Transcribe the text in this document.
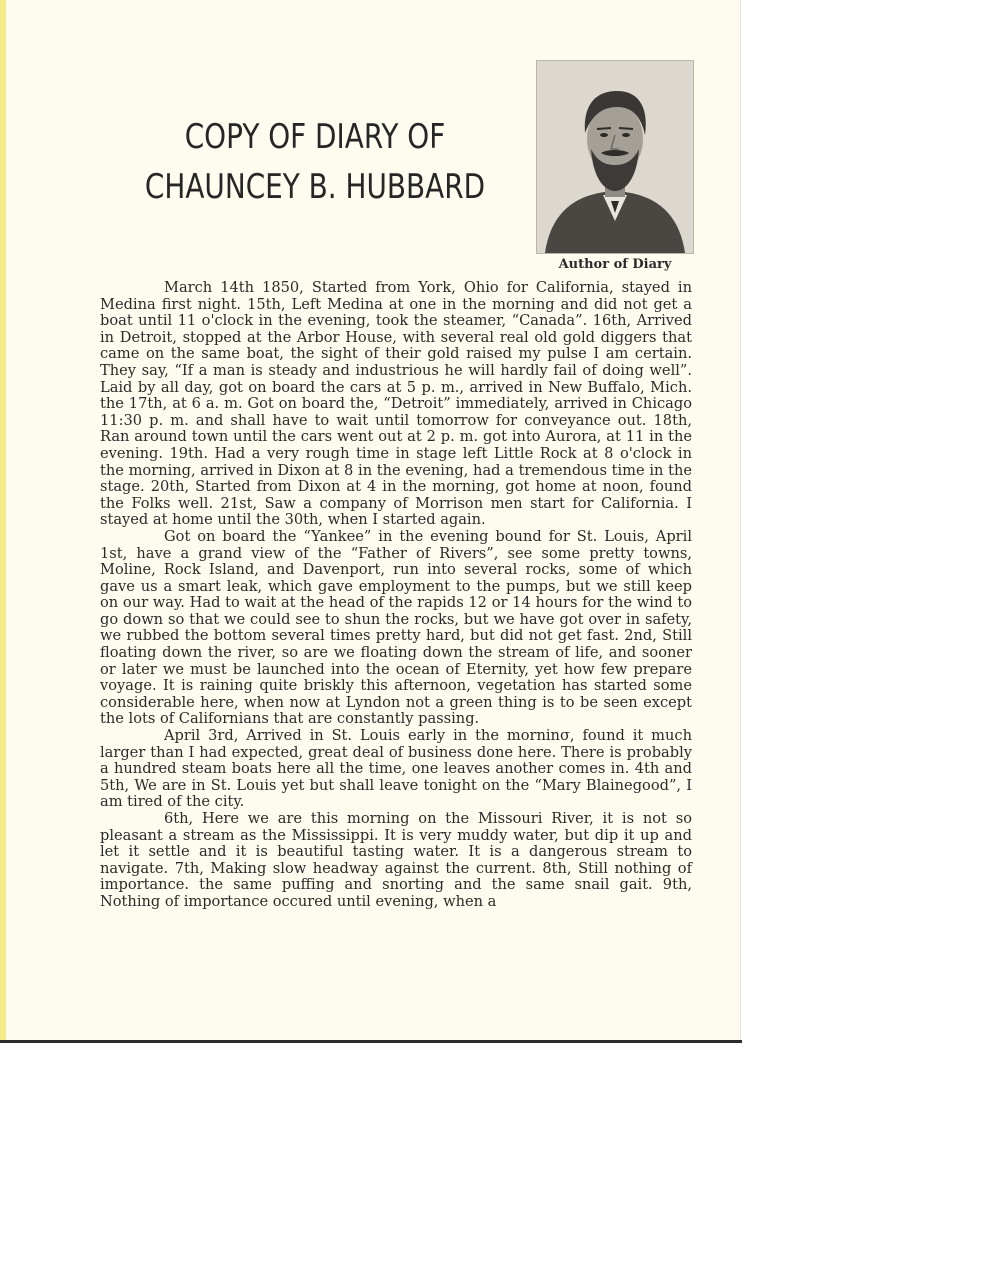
COPY OF DIARY OF
CHAUNCEY B. HUBBARD
Author of Diary

March 14th 1850, Started from York, Ohio for California, stayed in Medina first night. 15th, Left Medina at one in the morning and did not get a boat until 11 o'clock in the evening, took the steamer, “Canada”. 16th, Arrived in Detroit, stopped at the Arbor House, with several real old gold diggers that came on the same boat, the sight of their gold raised my pulse I am certain. They say, “If a man is steady and industrious he will hardly fail of doing well”. Laid by all day, got on board the cars at 5 p. m., arrived in New Buffalo, Mich. the 17th, at 6 a. m. Got on board the, “Detroit” immediately, arrived in Chicago 11:30 p. m. and shall have to wait until tomorrow for conveyance out. 18th, Ran around town until the cars went out at 2 p. m. got into Aurora, at 11 in the evening. 19th. Had a very rough time in stage left Little Rock at 8 o'clock in the morning, arrived in Dixon at 8 in the evening, had a tremendous time in the stage. 20th, Started from Dixon at 4 in the morning, got home at noon, found the Folks well. 21st, Saw a company of Morrison men start for California. I stayed at home until the 30th, when I started again.

Got on board the “Yankee” in the evening bound for St. Louis, April 1st, have a grand view of the “Father of Rivers”, see some pretty towns, Moline, Rock Island, and Davenport, run into several rocks, some of which gave us a smart leak, which gave employment to the pumps, but we still keep on our way. Had to wait at the head of the rapids 12 or 14 hours for the wind to go down so that we could see to shun the rocks, but we have got over in safety, we rubbed the bottom several times pretty hard, but did not get fast. 2nd, Still floating down the river, so are we floating down the stream of life, and sooner or later we must be launched into the ocean of Eternity, yet how few prepare voyage. It is raining quite briskly this afternoon, vegetation has started some considerable here, when now at Lyndon not a green thing is to be seen except the lots of Californians that are constantly passing.

April 3rd, Arrived in St. Louis early in the morninσ, found it much larger than I had expected, great deal of business done here. There is probably a hundred steam boats here all the time, one leaves another comes in. 4th and 5th, We are in St. Louis yet but shall leave tonight on the “Mary Blainegood”, I am tired of the city.

6th, Here we are this morning on the Missouri River, it is not so pleasant a stream as the Mississippi. It is very muddy water, but dip it up and let it settle and it is beautiful tasting water. It is a dangerous stream to navigate. 7th, Making slow headway against the current. 8th, Still nothing of importance. the same puffing and snorting and the same snail gait. 9th, Nothing of importance occured until evening, when a
